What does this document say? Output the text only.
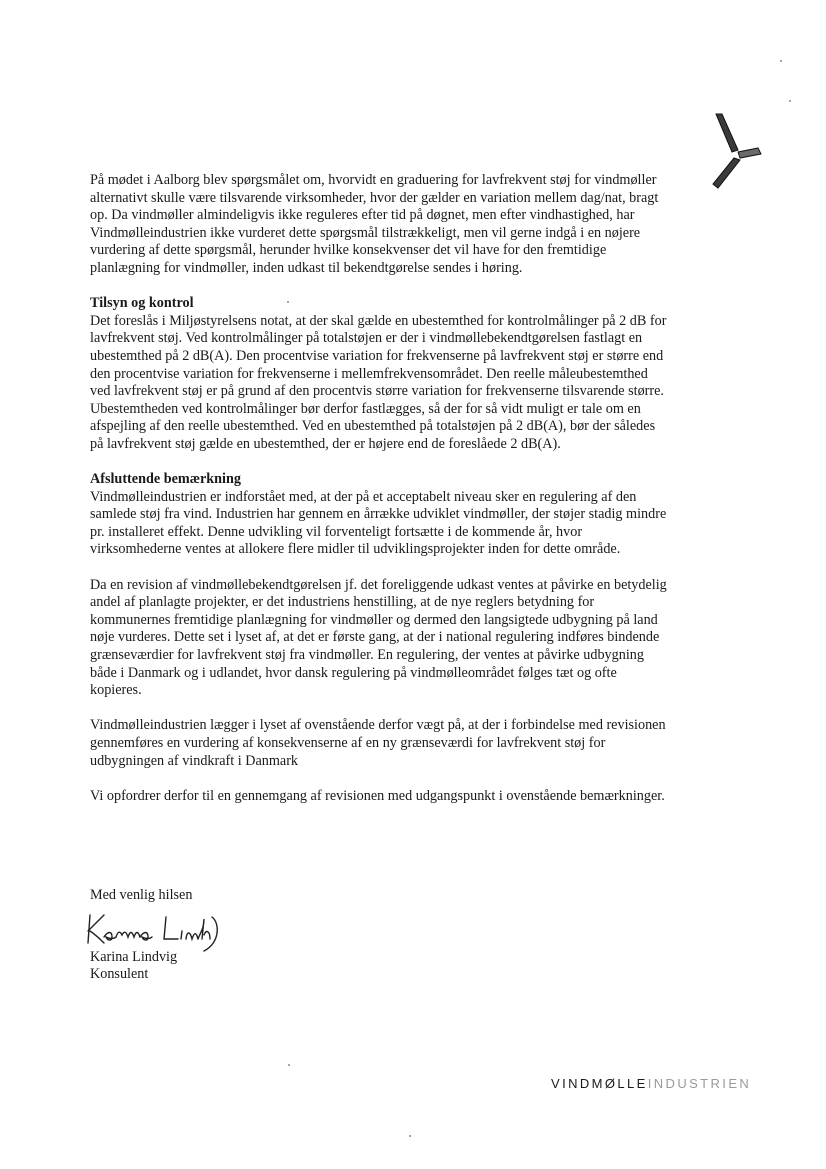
På mødet i Aalborg blev spørgsmålet om, hvorvidt en graduering for lavfrekvent støj for vindmøller alternativt skulle være tilsvarende virksomheder, hvor der gælder en variation mellem dag/nat, bragt op. Da vindmøller almindeligvis ikke reguleres efter tid på døgnet, men efter vindhastighed, har Vindmølleindustrien ikke vurderet dette spørgsmål tilstrækkeligt, men vil gerne indgå i en nøjere vurdering af dette spørgsmål, herunder hvilke konsekvenser det vil have for den fremtidige planlægning for vindmøller, inden udkast til bekendtgørelse sendes i høring.

Tilsyn og kontrol

Det foreslås i Miljøstyrelsens notat, at der skal gælde en ubestemthed for kontrolmålinger på 2 dB for lavfrekvent støj. Ved kontrolmålinger på totalstøjen er der i vindmøllebekendtgørelsen fastlagt en ubestemthed på 2 dB(A). Den procentvise variation for frekvenserne på lavfrekvent støj er større end den procentvise variation for frekvenserne i mellemfrekvensområdet. Den reelle måleubestemthed ved lavfrekvent støj er på grund af den procentvis større variation for frekvenserne tilsvarende større. Ubestemtheden ved kontrolmålinger bør derfor fastlægges, så der for så vidt muligt er tale om en afspejling af den reelle ubestemthed. Ved en ubestemthed på totalstøjen på 2 dB(A), bør der således på lavfrekvent støj gælde en ubestemthed, der er højere end de foreslåede 2 dB(A).

Afsluttende bemærkning

Vindmølleindustrien er indforstået med, at der på et acceptabelt niveau sker en regulering af den samlede støj fra vind. Industrien har gennem en årrække udviklet vindmøller, der støjer stadig mindre pr. installeret effekt. Denne udvikling vil forventeligt fortsætte i de kommende år, hvor virksomhederne ventes at allokere flere midler til udviklingsprojekter inden for dette område.

Da en revision af vindmøllebekendtgørelsen jf. det foreliggende udkast ventes at påvirke en betydelig andel af planlagte projekter, er det industriens henstilling, at de nye reglers betydning for kommunernes fremtidige planlægning for vindmøller og dermed den langsigtede udbygning på land nøje vurderes. Dette set i lyset af, at det er første gang, at der i national regulering indføres bindende grænseværdier for lavfrekvent støj fra vindmøller. En regulering, der ventes at påvirke udbygning både i Danmark og i udlandet, hvor dansk regulering på vindmølleområdet følges tæt og ofte kopieres.

Vindmølleindustrien lægger i lyset af ovenstående derfor vægt på, at der i forbindelse med revisionen gennemføres en vurdering af konsekvenserne af en ny grænseværdi for lavfrekvent støj for udbygningen af vindkraft i Danmark

Vi opfordrer derfor til en gennemgang af revisionen med udgangspunkt i ovenstående bemærkninger.

Med venlig hilsen

Karina Lindvig

Konsulent

VINDMØLLEINDUSTRIEN
